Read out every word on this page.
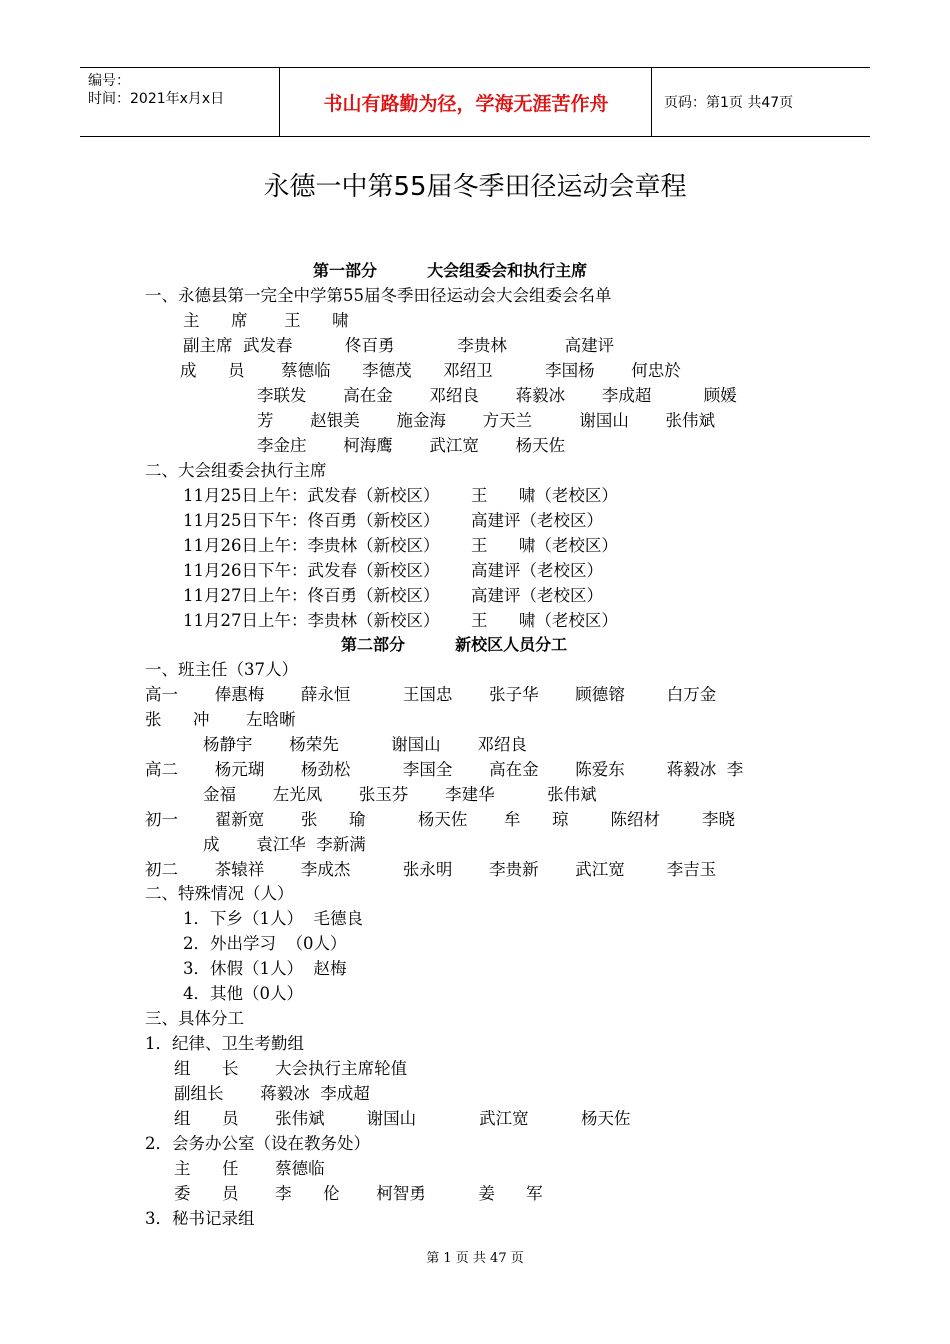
编号：
时间：2021年x月x日	书山有路勤为径，学海无涯苦作舟	页码：第1页 共47页
永德一中第55届冬季田径运动会章程
第一部分         大会组委会和执行主席
一、永德县第一完全中学第55届冬季田径运动会大会组委会名单
主      席       王      啸
副主席  武发春          佟百勇            李贵林           高建评
成      员       蔡德临      李德茂      邓绍卫          李国杨       何忠於
李联发       高在金       邓绍良       蒋毅冰       李成超          顾媛
芳       赵银美       施金海       方天兰         谢国山       张伟斌
李金庄       柯海鹰       武江宽       杨天佐
二、大会组委会执行主席
11月25日上午：武发春（新校区）      王      啸（老校区）
11月25日下午：佟百勇（新校区）      高建评（老校区）
11月26日上午：李贵林（新校区）      王      啸（老校区）
11月26日下午：武发春（新校区）      高建评（老校区）
11月27日上午：佟百勇（新校区）      高建评（老校区）
11月27日上午：李贵林（新校区）      王      啸（老校区）
第二部分         新校区人员分工
一、班主任（37人）
高一       俸惠梅       薛永恒          王国忠       张子华       顾德镕        白万金
张      冲       左晗晰
杨静宇       杨荣先          谢国山       邓绍良
高二       杨元瑚       杨劲松          李国全       高在金       陈爱东        蒋毅冰  李
金福       左光凤       张玉芬       李建华          张伟斌
初一       翟新宽       张      瑜          杨天佐       牟      琼        陈绍材        李晓
成       袁江华  李新满
初二       茶辕祥       李成杰          张永明       李贵新       武江宽        李吉玉
二、特殊情况（人）
1．下乡（1人）  毛德良
2．外出学习  （0人）
3．休假（1人）  赵梅
4．其他（0人）
三、具体分工
1．纪律、卫生考勤组
组      长       大会执行主席轮值
副组长       蒋毅冰  李成超
组      员       张伟斌        谢国山            武江宽          杨天佐
2．会务办公室（设在教务处）
主      任       蔡德临
委      员       李      伦       柯智勇          姜      军
3．秘书记录组
第 1 页 共 47 页
